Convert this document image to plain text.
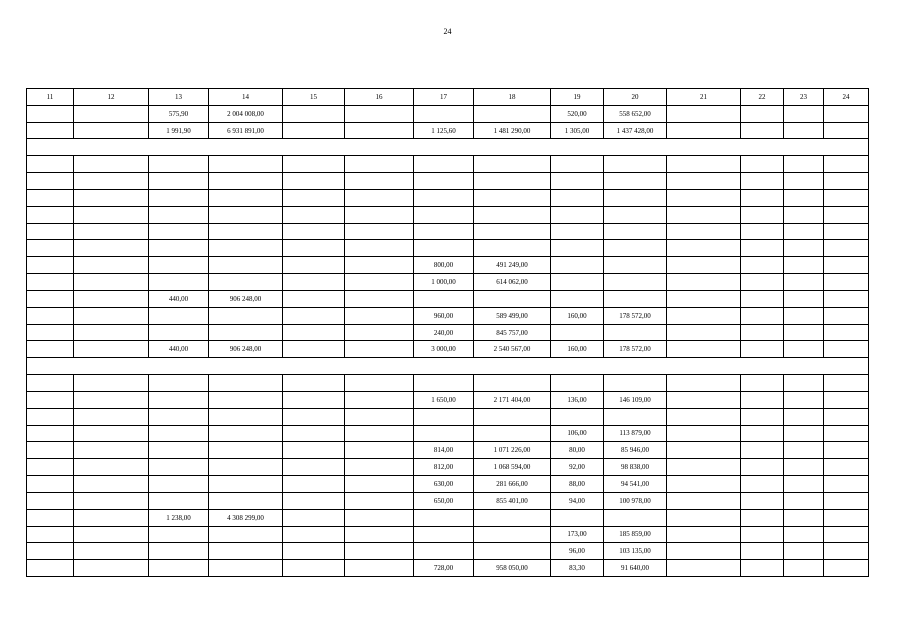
24
11	12	13	14	15	16	17	18	19	20	21	22	23	24
		575,90	2 004 008,00					520,00	558 652,00				
		1 991,90	6 931 891,00			1 125,60	1 481 290,00	1 305,00	1 437 428,00				

						800,00	491 249,00						
						1 000,00	614 062,00						
		440,00	906 248,00										
						960,00	589 499,00	160,00	178 572,00				
						240,00	845 757,00						
		440,00	906 248,00			3 000,00	2 540 567,00	160,00	178 572,00				

						1 650,00	2 171 404,00	136,00	146 109,00				

								106,00	113 879,00				
						814,00	1 071 226,00	80,00	85 946,00				
						812,00	1 068 594,00	92,00	98 838,00				
						630,00	281 666,00	88,00	94 541,00				
						650,00	855 401,00	94,00	100 978,00				
		1 238,00	4 308 299,00										
								173,00	185 859,00				
								96,00	103 135,00				
						728,00	958 050,00	83,30	91 640,00				
